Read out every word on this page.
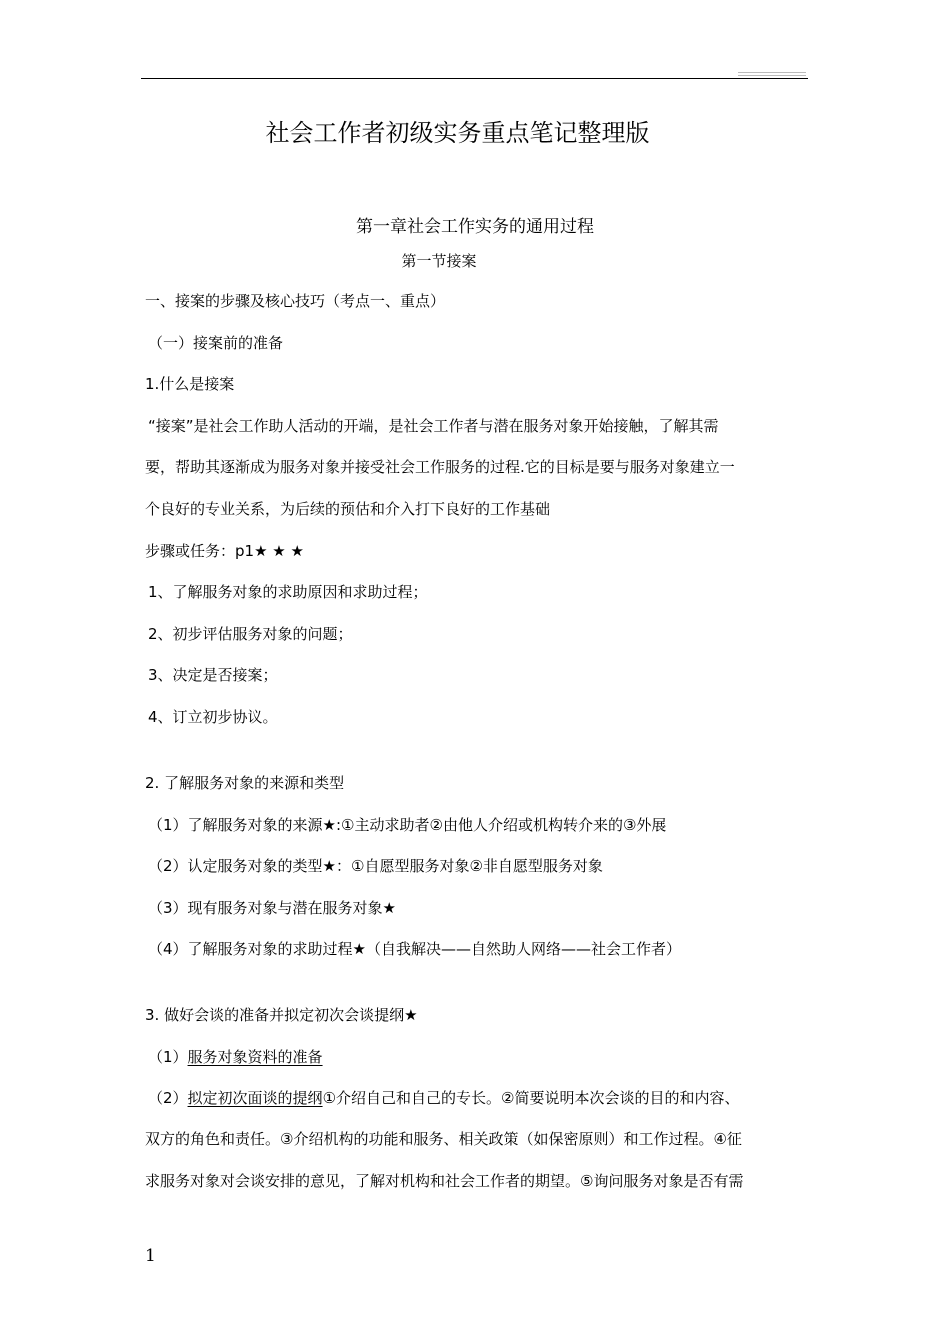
社会工作者初级实务重点笔记整理版
第一章社会工作实务的通用过程
第一节接案
一、接案的步骤及核心技巧（考点一、重点）
（一）接案前的准备
1.什么是接案
“接案”是社会工作助人活动的开端，是社会工作者与潜在服务对象开始接触，了解其需
要，帮助其逐渐成为服务对象并接受社会工作服务的过程.它的目标是要与服务对象建立一
个良好的专业关系，为后续的预估和介入打下良好的工作基础
步骤或任务：p1★ ★ ★
1、了解服务对象的求助原因和求助过程；
2、初步评估服务对象的问题；
3、决定是否接案；
4、订立初步协议。
2. 了解服务对象的来源和类型
（1）了解服务对象的来源★:①主动求助者②由他人介绍或机构转介来的③外展
（2）认定服务对象的类型★：①自愿型服务对象②非自愿型服务对象
（3）现有服务对象与潜在服务对象★
（4）了解服务对象的求助过程★（自我解决——自然助人网络——社会工作者）
3. 做好会谈的准备并拟定初次会谈提纲★
（1）服务对象资料的准备
（2）拟定初次面谈的提纲①介绍自己和自己的专长。②简要说明本次会谈的目的和内容、
双方的角色和责任。③介绍机构的功能和服务、相关政策（如保密原则）和工作过程。④征
求服务对象对会谈安排的意见，了解对机构和社会工作者的期望。⑤询问服务对象是否有需
1
